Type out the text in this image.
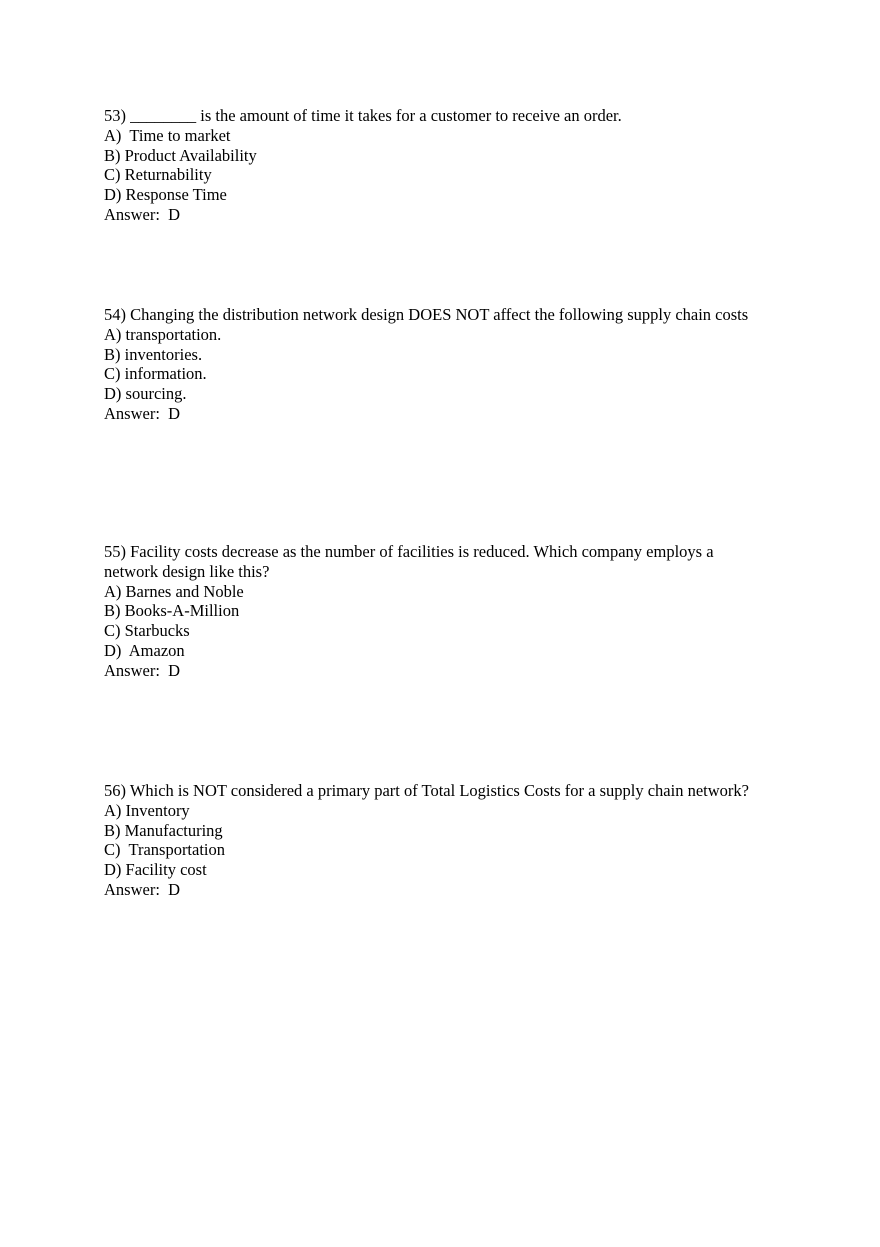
53) ________ is the amount of time it takes for a customer to receive an order.
A)  Time to market
B) Product Availability
C) Returnability
D) Response Time
Answer:  D
54) Changing the distribution network design DOES NOT affect the following supply chain costs
A) transportation.
B) inventories.
C) information.
D) sourcing.
Answer:  D
55) Facility costs decrease as the number of facilities is reduced. Which company employs a network design like this?
A) Barnes and Noble
B) Books-A-Million
C) Starbucks
D)  Amazon
Answer:  D
56) Which is NOT considered a primary part of Total Logistics Costs for a supply chain network?
A) Inventory
B) Manufacturing
C)  Transportation
D) Facility cost
Answer:  D
